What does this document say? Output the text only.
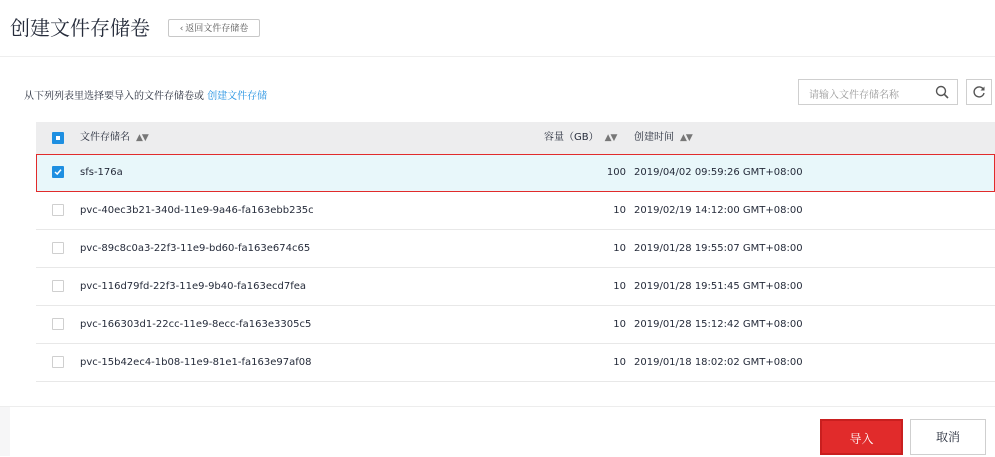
创建文件存储卷	‹ 返回文件存储卷
从下列列表里选择要导入的文件存储卷或 创建文件存储	请输入文件存储名称
文件存储名 ▲▼	容量（GB） ▲▼ 创建时间 ▲▼
sfs-176a	100 2019/04/02 09:59:26 GMT+08:00
pvc-40ec3b21-340d-11e9-9a46-fa163ebb235c	10 2019/02/19 14:12:00 GMT+08:00
pvc-89c8c0a3-22f3-11e9-bd60-fa163e674c65	10 2019/01/28 19:55:07 GMT+08:00
pvc-116d79fd-22f3-11e9-9b40-fa163ecd7fea	10 2019/01/28 19:51:45 GMT+08:00
pvc-166303d1-22cc-11e9-8ecc-fa163e3305c5	10 2019/01/28 15:12:42 GMT+08:00
pvc-15b42ec4-1b08-11e9-81e1-fa163e97af08	10 2019/01/18 18:02:02 GMT+08:00
导入	取消
